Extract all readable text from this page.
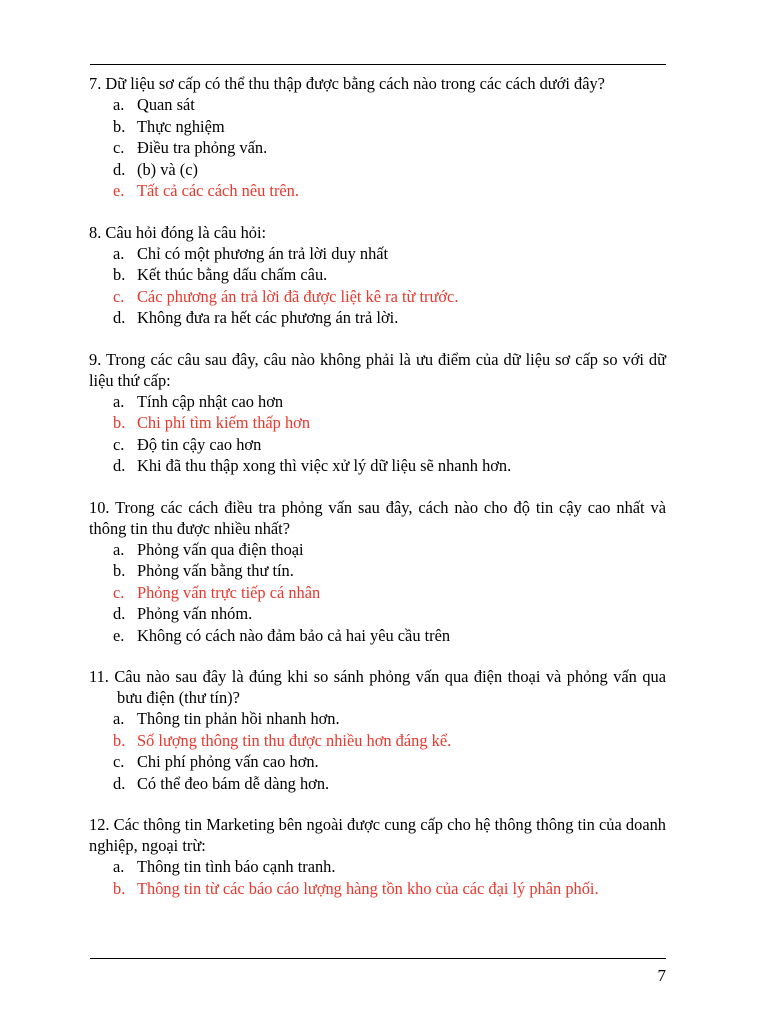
7. Dữ liệu sơ cấp có thể thu thập được bằng cách nào trong các cách dưới đây?
a. Quan sát
b. Thực nghiệm
c. Điều tra phỏng vấn.
d. (b) và (c)
e. Tất cả các cách nêu trên.
8. Câu hỏi đóng là câu hỏi:
a. Chỉ có một phương án trả lời duy nhất
b. Kết thúc bằng dấu chấm câu.
c. Các phương án trả lời đã được liệt kê ra từ trước.
d. Không đưa ra hết các phương án trả lời.
9. Trong các câu sau đây, câu nào không phải là ưu điểm của dữ liệu sơ cấp so với dữ liệu thứ cấp:
a. Tính cập nhật cao hơn
b. Chi phí tìm kiếm thấp hơn
c. Độ tin cậy cao hơn
d. Khi đã thu thập xong thì việc xử lý dữ liệu sẽ nhanh hơn.
10. Trong các cách điều tra phỏng vấn sau đây, cách nào cho độ tin cậy cao nhất và thông tin thu được nhiều nhất?
a. Phỏng vấn qua điện thoại
b. Phỏng vấn bằng thư tín.
c. Phỏng vấn trực tiếp cá nhân
d. Phỏng vấn nhóm.
e. Không có cách nào đảm bảo cả hai yêu cầu trên
11. Câu nào sau đây là đúng khi so sánh phỏng vấn qua điện thoại và phỏng vấn qua bưu điện (thư tín)?
a. Thông tin phản hồi nhanh hơn.
b. Số lượng thông tin thu được nhiều hơn đáng kể.
c. Chi phí phỏng vấn cao hơn.
d. Có thể đeo bám dễ dàng hơn.
12. Các thông tin Marketing bên ngoài được cung cấp cho hệ thông thông tin của doanh nghiệp, ngoại trừ:
a. Thông tin tình báo cạnh tranh.
b. Thông tin từ các báo cáo lượng hàng tồn kho của các đại lý phân phối.
7
